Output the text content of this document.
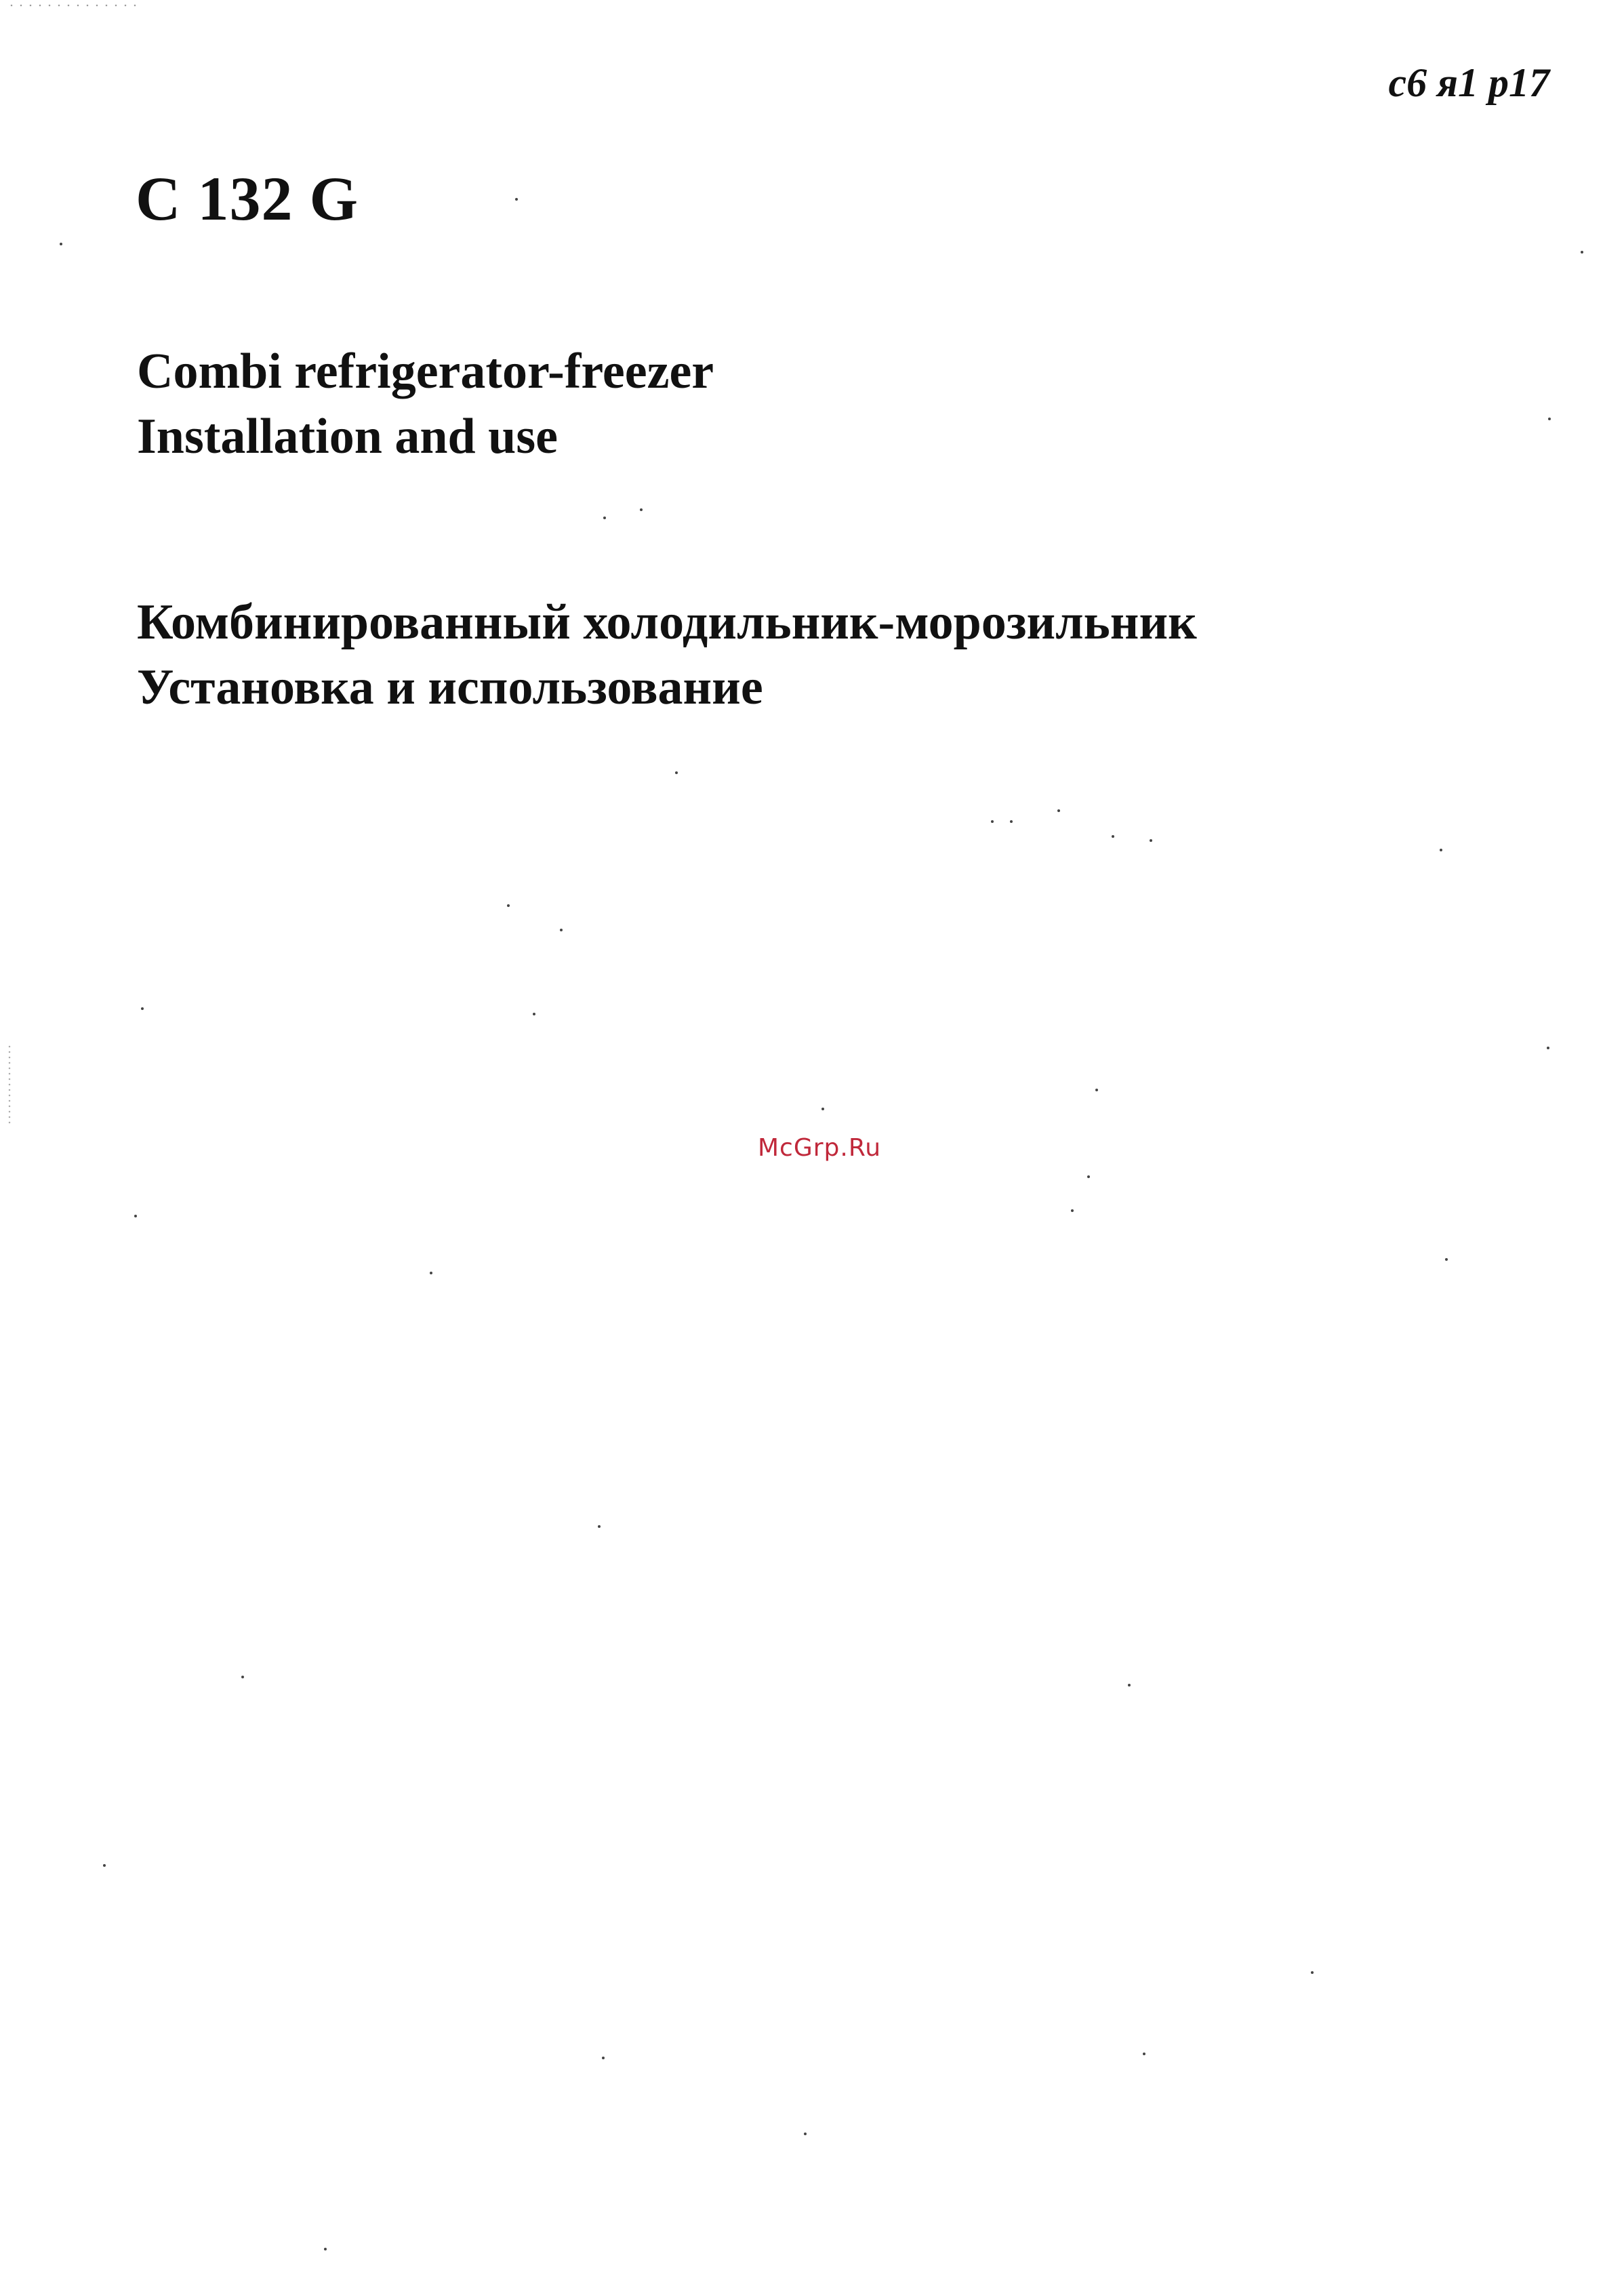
c6 я1 p17
C 132 G
Combi refrigerator-freezer
Installation and use
Комбинированный холодильник-морозильник
Установка и использование
McGrp.Ru
